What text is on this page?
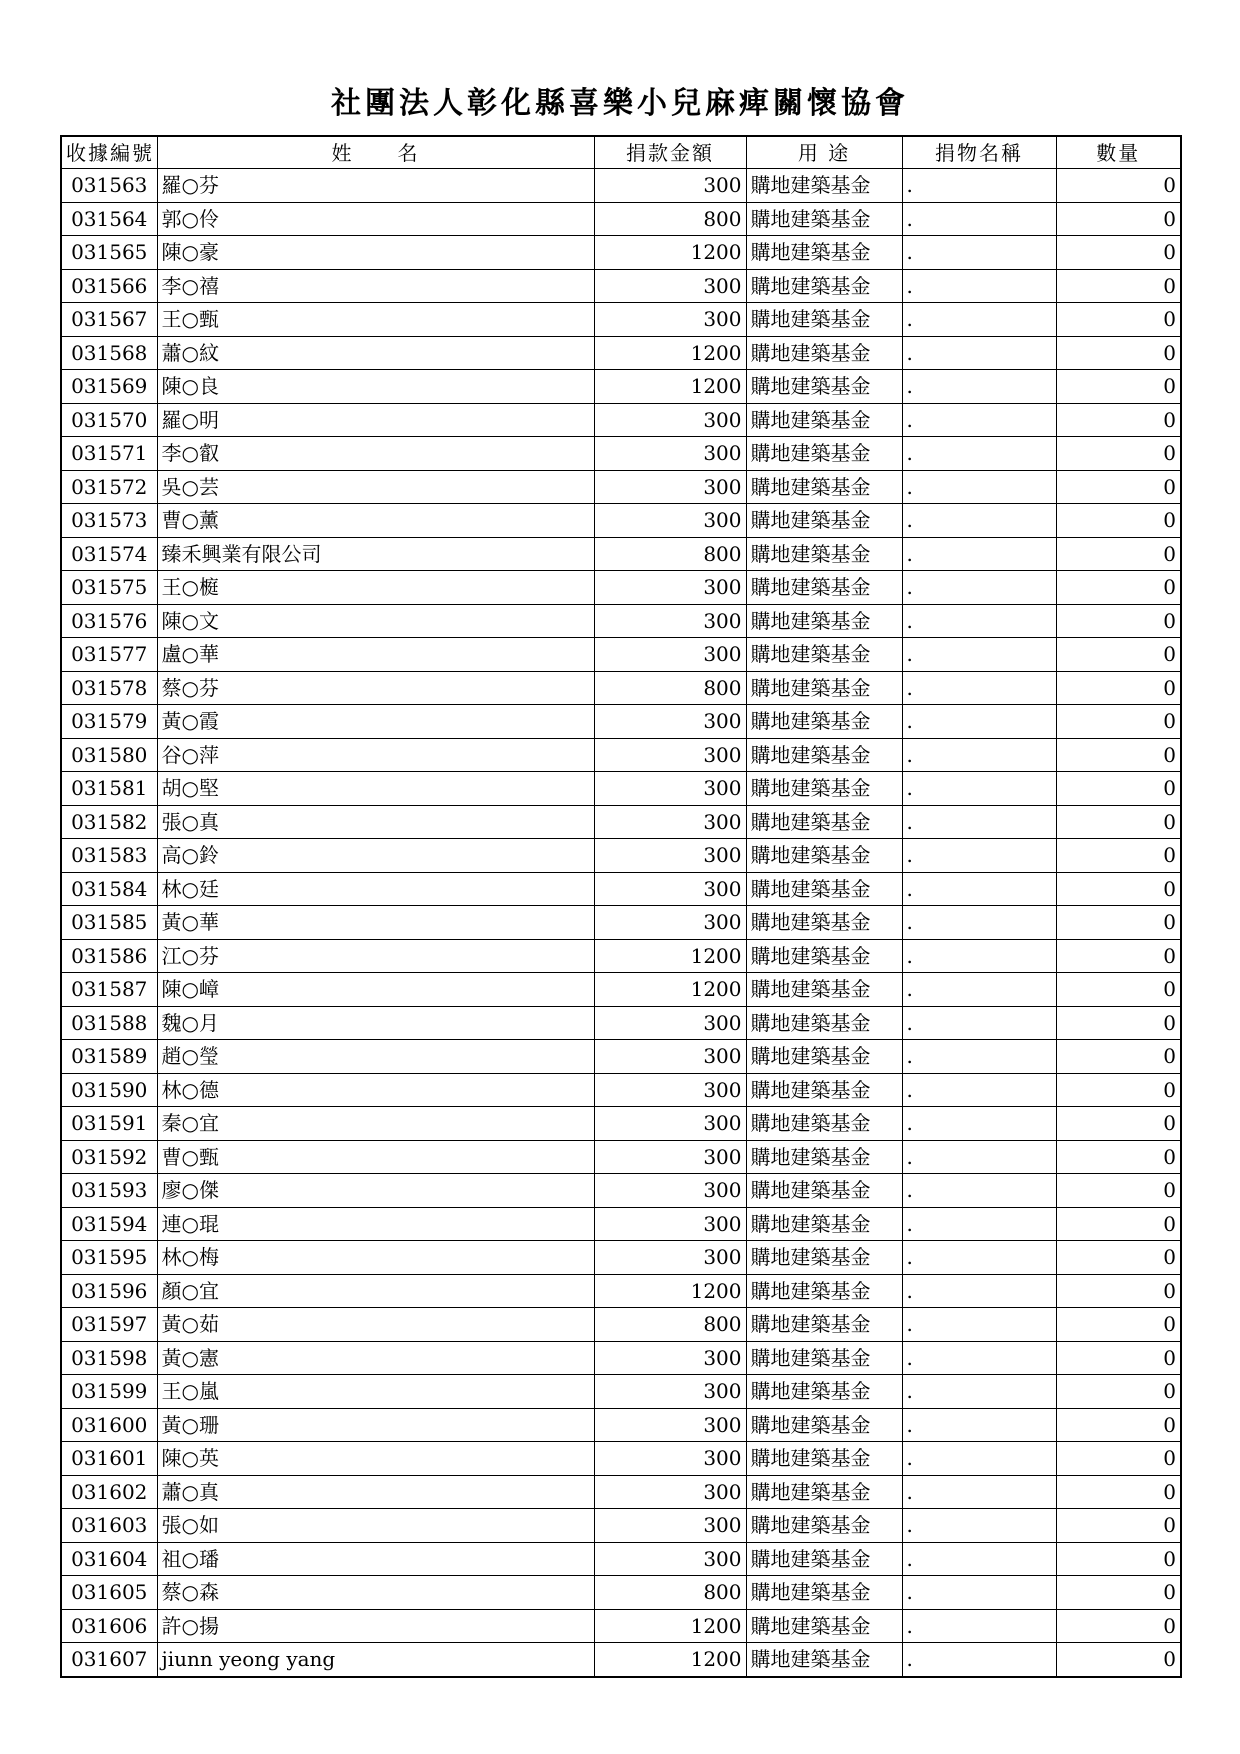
社團法人彰化縣喜樂小兒麻痺關懷協會
收據編號	姓　　名	捐款金額	用 途	捐物名稱	數量
031563	羅○芬	300	購地建築基金	.	0
031564	郭○伶	800	購地建築基金	.	0
031565	陳○豪	1200	購地建築基金	.	0
031566	李○禧	300	購地建築基金	.	0
031567	王○甄	300	購地建築基金	.	0
031568	蕭○紋	1200	購地建築基金	.	0
031569	陳○良	1200	購地建築基金	.	0
031570	羅○明	300	購地建築基金	.	0
031571	李○叡	300	購地建築基金	.	0
031572	吳○芸	300	購地建築基金	.	0
031573	曹○薰	300	購地建築基金	.	0
031574	臻禾興業有限公司	800	購地建築基金	.	0
031575	王○榳	300	購地建築基金	.	0
031576	陳○文	300	購地建築基金	.	0
031577	盧○華	300	購地建築基金	.	0
031578	蔡○芬	800	購地建築基金	.	0
031579	黃○霞	300	購地建築基金	.	0
031580	谷○萍	300	購地建築基金	.	0
031581	胡○堅	300	購地建築基金	.	0
031582	張○真	300	購地建築基金	.	0
031583	高○鈴	300	購地建築基金	.	0
031584	林○廷	300	購地建築基金	.	0
031585	黃○華	300	購地建築基金	.	0
031586	江○芬	1200	購地建築基金	.	0
031587	陳○嶂	1200	購地建築基金	.	0
031588	魏○月	300	購地建築基金	.	0
031589	趙○瑩	300	購地建築基金	.	0
031590	林○德	300	購地建築基金	.	0
031591	秦○宜	300	購地建築基金	.	0
031592	曹○甄	300	購地建築基金	.	0
031593	廖○傑	300	購地建築基金	.	0
031594	連○琨	300	購地建築基金	.	0
031595	林○梅	300	購地建築基金	.	0
031596	顏○宜	1200	購地建築基金	.	0
031597	黃○茹	800	購地建築基金	.	0
031598	黃○憲	300	購地建築基金	.	0
031599	王○嵐	300	購地建築基金	.	0
031600	黃○珊	300	購地建築基金	.	0
031601	陳○英	300	購地建築基金	.	0
031602	蕭○真	300	購地建築基金	.	0
031603	張○如	300	購地建築基金	.	0
031604	祖○璠	300	購地建築基金	.	0
031605	蔡○森	800	購地建築基金	.	0
031606	許○揚	1200	購地建築基金	.	0
031607	jiunn yeong yang	1200	購地建築基金	.	0
